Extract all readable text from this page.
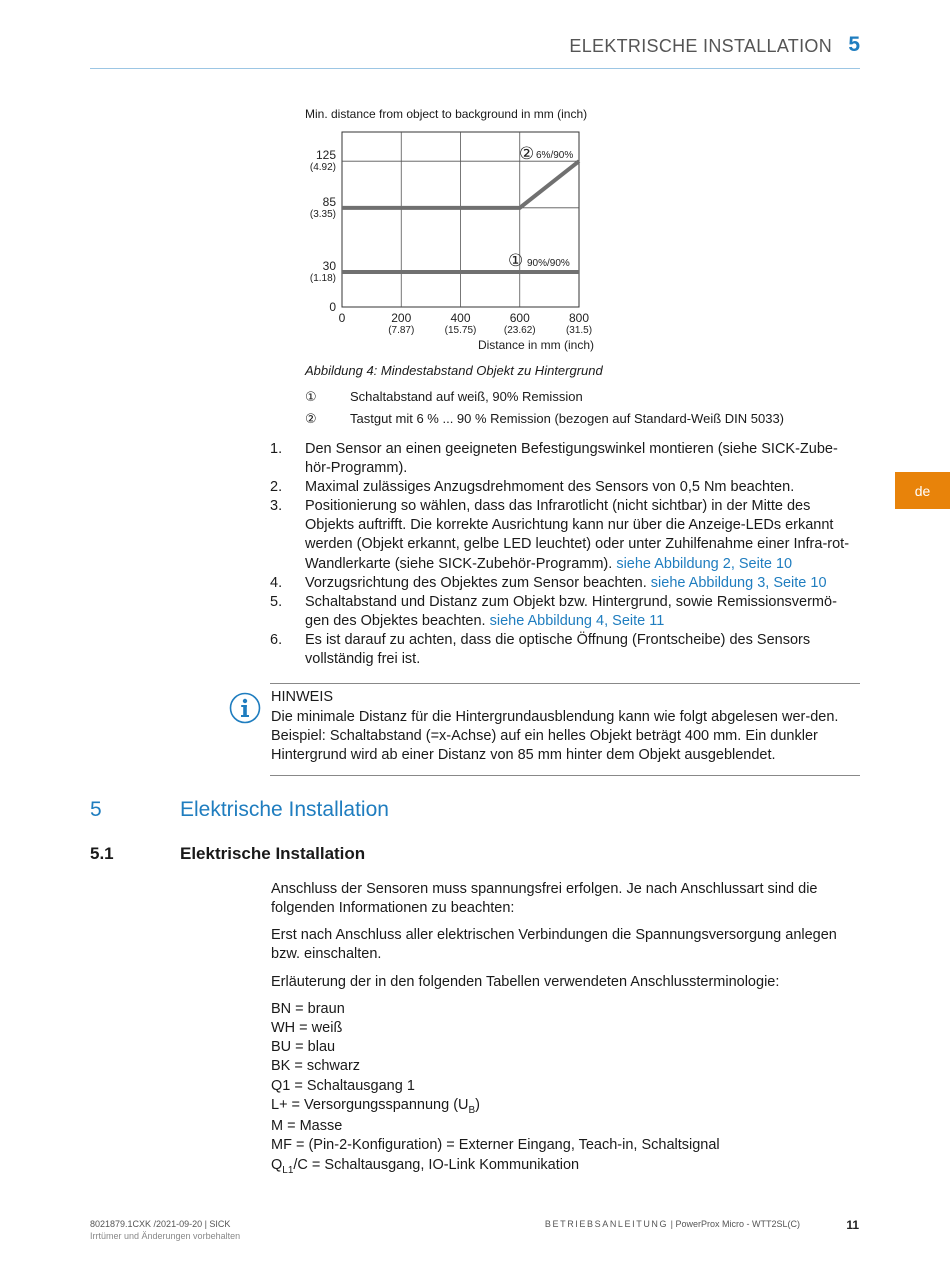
ELEKTRISCHE INSTALLATION 5
de
Min. distance from object to background in mm (inch)
0	200
(7.87)
400
(15.75)
600
(23.62)
800
(31.5)
0
30
(1.18)
85
(3.35)
125
(4.92)
Distance in mm (inch)
② 6%/90%
① 90%/90%
Abbildung 4: Mindestabstand Objekt zu Hintergrund
①	Schaltabstand auf weiß, 90% Remission
②	Tastgut mit 6 % ... 90 % Remission (bezogen auf Standard-Weiß DIN 5033)
1. Den Sensor an einen geeigneten Befestigungswinkel montieren (siehe SICK-Zube-hör-Programm).
2. Maximal zulässiges Anzugsdrehmoment des Sensors von 0,5 Nm beachten.
3. Positionierung so wählen, dass das Infrarotlicht (nicht sichtbar) in der Mitte des Objekts auftrifft. Die korrekte Ausrichtung kann nur über die Anzeige-LEDs erkannt werden (Objekt erkannt, gelbe LED leuchtet) oder unter Zuhilfenahme einer Infra-rot-Wandlerkarte (siehe SICK-Zubehör-Programm). siehe Abbildung 2, Seite 10
4. Vorzugsrichtung des Objektes zum Sensor beachten. siehe Abbildung 3, Seite 10
5. Schaltabstand und Distanz zum Objekt bzw. Hintergrund, sowie Remissionsvermö-gen des Objektes beachten. siehe Abbildung 4, Seite 11
6. Es ist darauf zu achten, dass die optische Öffnung (Frontscheibe) des Sensors vollständig frei ist.
HINWEIS
Die minimale Distanz für die Hintergrundausblendung kann wie folgt abgelesen wer-den. Beispiel: Schaltabstand (=x-Achse) auf ein helles Objekt beträgt 400 mm. Ein dunkler Hintergrund wird ab einer Distanz von 85 mm hinter dem Objekt ausgeblendet.
5	Elektrische Installation
5.1	Elektrische Installation
Anschluss der Sensoren muss spannungsfrei erfolgen. Je nach Anschlussart sind die folgenden Informationen zu beachten:
Erst nach Anschluss aller elektrischen Verbindungen die Spannungsversorgung anlegen bzw. einschalten.
Erläuterung der in den folgenden Tabellen verwendeten Anschlussterminologie:
BN = braun
WH = weiß
BU = blau
BK = schwarz
Q1 = Schaltausgang 1
L+ = Versorgungsspannung $(U_B)$
M = Masse
MF = (Pin-2-Konfiguration) = Externer Eingang, Teach-in, Schaltsignal
$Q_{L1}/C$ = Schaltausgang, IO-Link Kommunikation
8021879.1CXK /2021-09-20 | SICK
Irrtümer und Änderungen vorbehalten
BETRIEBSANLEITUNG | PowerProx Micro - WTT2SL(C)	11
